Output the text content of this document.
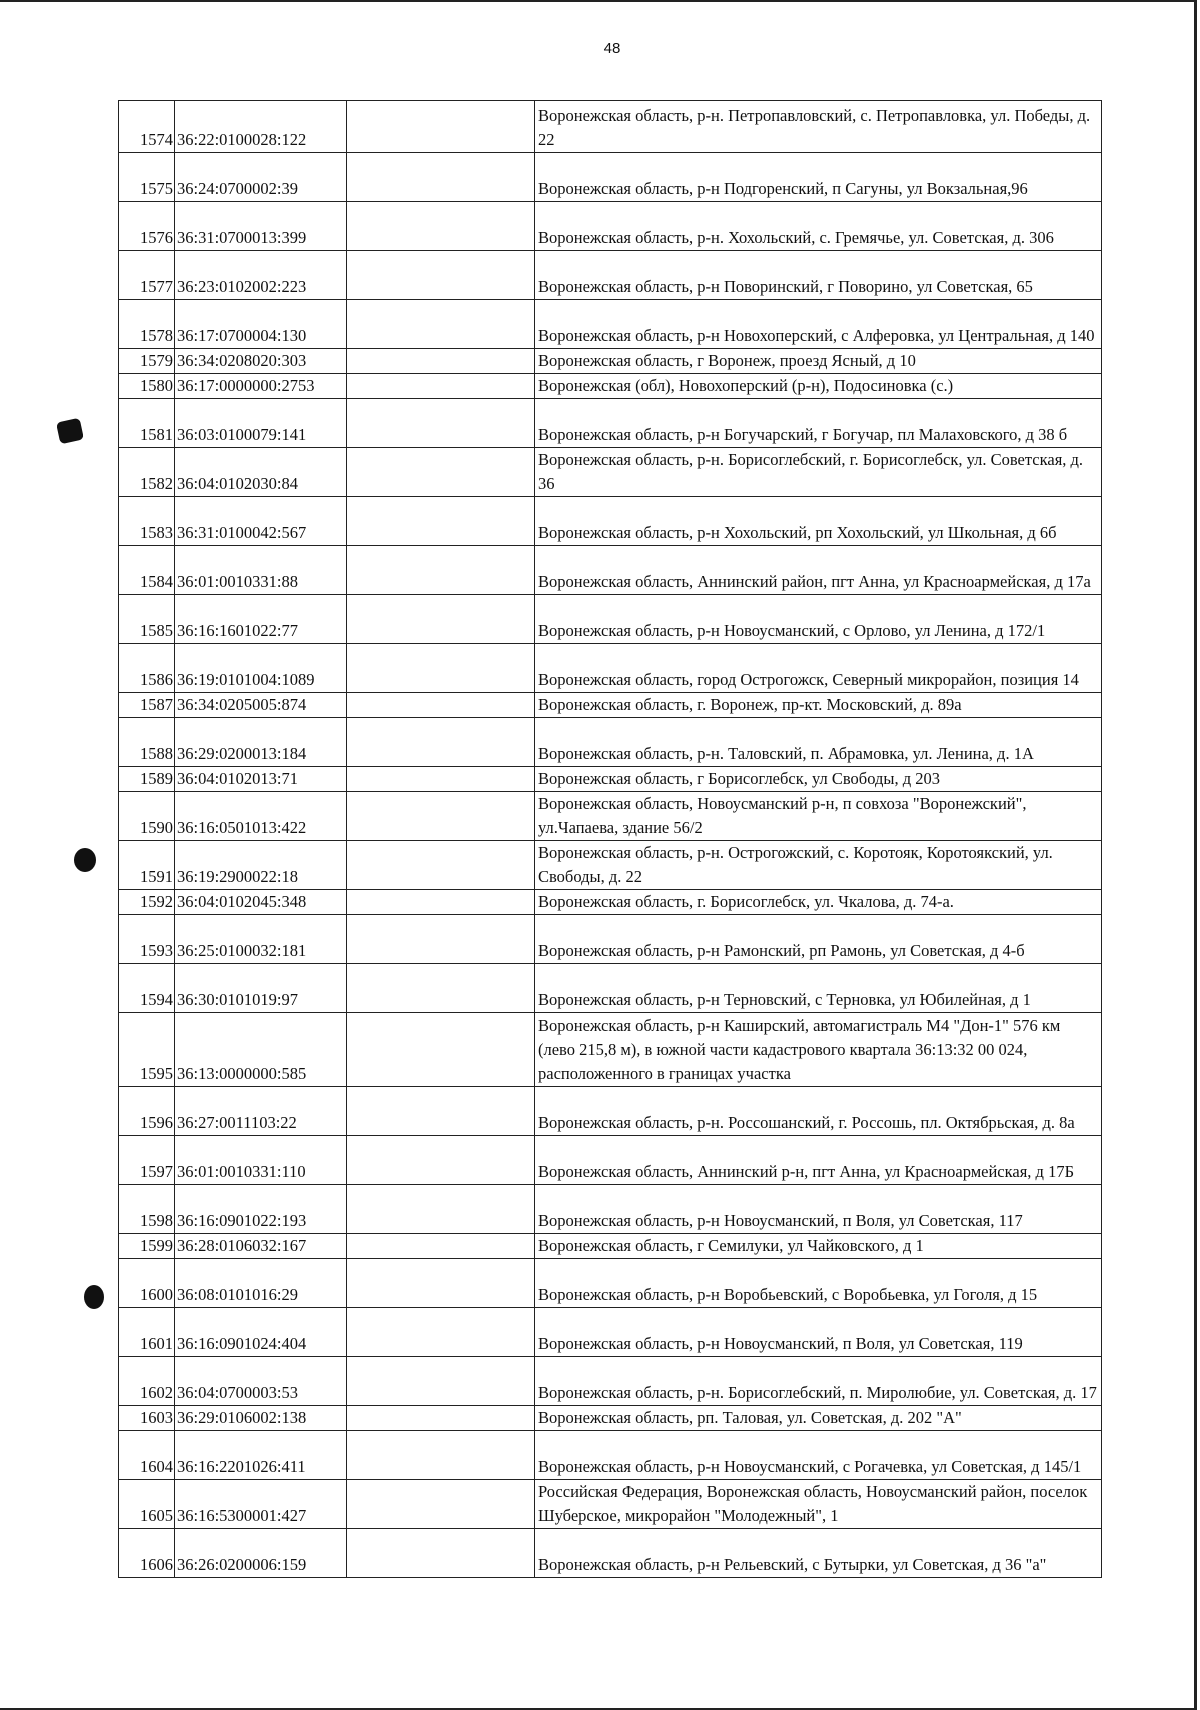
48
1574	36:22:0100028:122		Воронежская область, р-н. Петропавловский, с. Петропавловка, ул. Победы, д. 22
1575	36:24:0700002:39		Воронежская область, р-н Подгоренский, п Сагуны, ул Вокзальная,96
1576	36:31:0700013:399		Воронежская область, р-н. Хохольский, с. Гремячье, ул. Советская, д. 306
1577	36:23:0102002:223		Воронежская область, р-н Поворинский, г Поворино, ул Советская, 65
1578	36:17:0700004:130		Воронежская область, р-н Новохоперский, с Алферовка, ул Центральная, д 140
1579	36:34:0208020:303		Воронежская область, г Воронеж, проезд Ясный, д 10
1580	36:17:0000000:2753		Воронежская (обл), Новохоперский (р-н), Подосиновка (с.)
1581	36:03:0100079:141		Воронежская область, р-н Богучарский, г Богучар, пл Малаховского, д 38 б
1582	36:04:0102030:84		Воронежская область, р-н. Борисоглебский, г. Борисоглебск, ул. Советская, д. 36
1583	36:31:0100042:567		Воронежская область, р-н Хохольский, рп Хохольский, ул Школьная, д 6б
1584	36:01:0010331:88		Воронежская область, Аннинский район, пгт Анна, ул Красноармейская, д 17а
1585	36:16:1601022:77		Воронежская область, р-н Новоусманский, с Орлово, ул Ленина, д 172/1
1586	36:19:0101004:1089		Воронежская область, город Острогожск, Северный микрорайон, позиция 14
1587	36:34:0205005:874		Воронежская область, г. Воронеж, пр-кт. Московский, д. 89а
1588	36:29:0200013:184		Воронежская область, р-н. Таловский, п. Абрамовка, ул. Ленина, д. 1А
1589	36:04:0102013:71		Воронежская область, г Борисоглебск, ул Свободы, д 203
1590	36:16:0501013:422		Воронежская область, Новоусманский р-н, п совхоза "Воронежский", ул.Чапаева, здание 56/2
1591	36:19:2900022:18		Воронежская область, р-н. Острогожский, с. Коротояк, Коротоякский, ул. Свободы, д. 22
1592	36:04:0102045:348		Воронежская область, г. Борисоглебск, ул. Чкалова, д. 74-а.
1593	36:25:0100032:181		Воронежская область, р-н Рамонский, рп Рамонь, ул Советская, д 4-б
1594	36:30:0101019:97		Воронежская область, р-н Терновский, с Терновка, ул Юбилейная, д 1
1595	36:13:0000000:585		Воронежская область, р-н Каширский, автомагистраль М4 "Дон-1" 576 км (лево 215,8 м), в южной части кадастрового квартала 36:13:32 00 024, расположенного в границах участка
1596	36:27:0011103:22		Воронежская область, р-н. Россошанский, г. Россошь, пл. Октябрьская, д. 8а
1597	36:01:0010331:110		Воронежская область, Аннинский р-н, пгт Анна, ул Красноармейская, д 17Б
1598	36:16:0901022:193		Воронежская область, р-н Новоусманский, п Воля, ул Советская, 117
1599	36:28:0106032:167		Воронежская область, г Семилуки, ул Чайковского, д 1
1600	36:08:0101016:29		Воронежская область, р-н Воробьевский, с Воробьевка, ул Гоголя, д 15
1601	36:16:0901024:404		Воронежская область, р-н Новоусманский, п Воля, ул Советская, 119
1602	36:04:0700003:53		Воронежская область, р-н. Борисоглебский, п. Миролюбие, ул. Советская, д. 17
1603	36:29:0106002:138		Воронежская область, рп. Таловая, ул. Советская, д. 202 "А"
1604	36:16:2201026:411		Воронежская область, р-н Новоусманский, с Рогачевка, ул Советская, д 145/1
1605	36:16:5300001:427		Российская Федерация, Воронежская область, Новоусманский район, поселок Шуберское, микрорайон "Молодежный", 1
1606	36:26:0200006:159		Воронежская область, р-н Рельевский, с Бутырки, ул Советская, д 36 "а"
